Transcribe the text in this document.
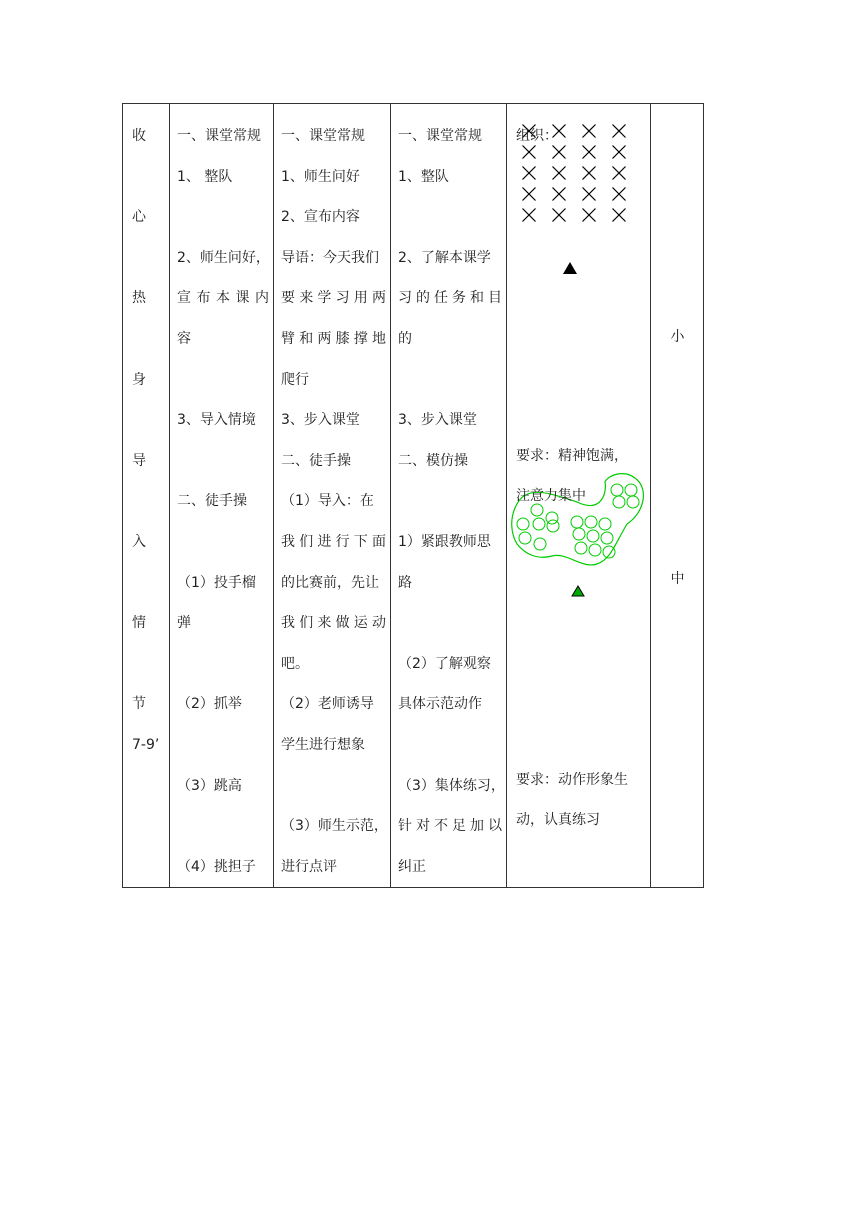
收
心
热
身
导
入
情
节
7-9’

一、课堂常规
1、 整队
2、师生问好，
宣布本课内
容
3、导入情境
二、徒手操
（1）投手榴
弹
（2）抓举
（3）跳高
（4）挑担子

一、课堂常规
1、师生问好
2、宣布内容
导语：今天我们
要来学习用两
臂和两膝撑地
爬行
3、步入课堂
二、徒手操
（1）导入：在
我们进行下面
的比赛前，先让
我们来做运动
吧。
（2）老师诱导
学生进行想象
（3）师生示范，
进行点评

一、课堂常规
1、整队
2、了解本课学
习的任务和目
的
3、步入课堂
二、模仿操
1）紧跟教师思
路
（2）了解观察
具体示范动作
（3）集体练习，
针对不足加以
纠正

组织：
要求：精神饱满，
注意力集中
要求：动作形象生
动，认真练习

小
中
